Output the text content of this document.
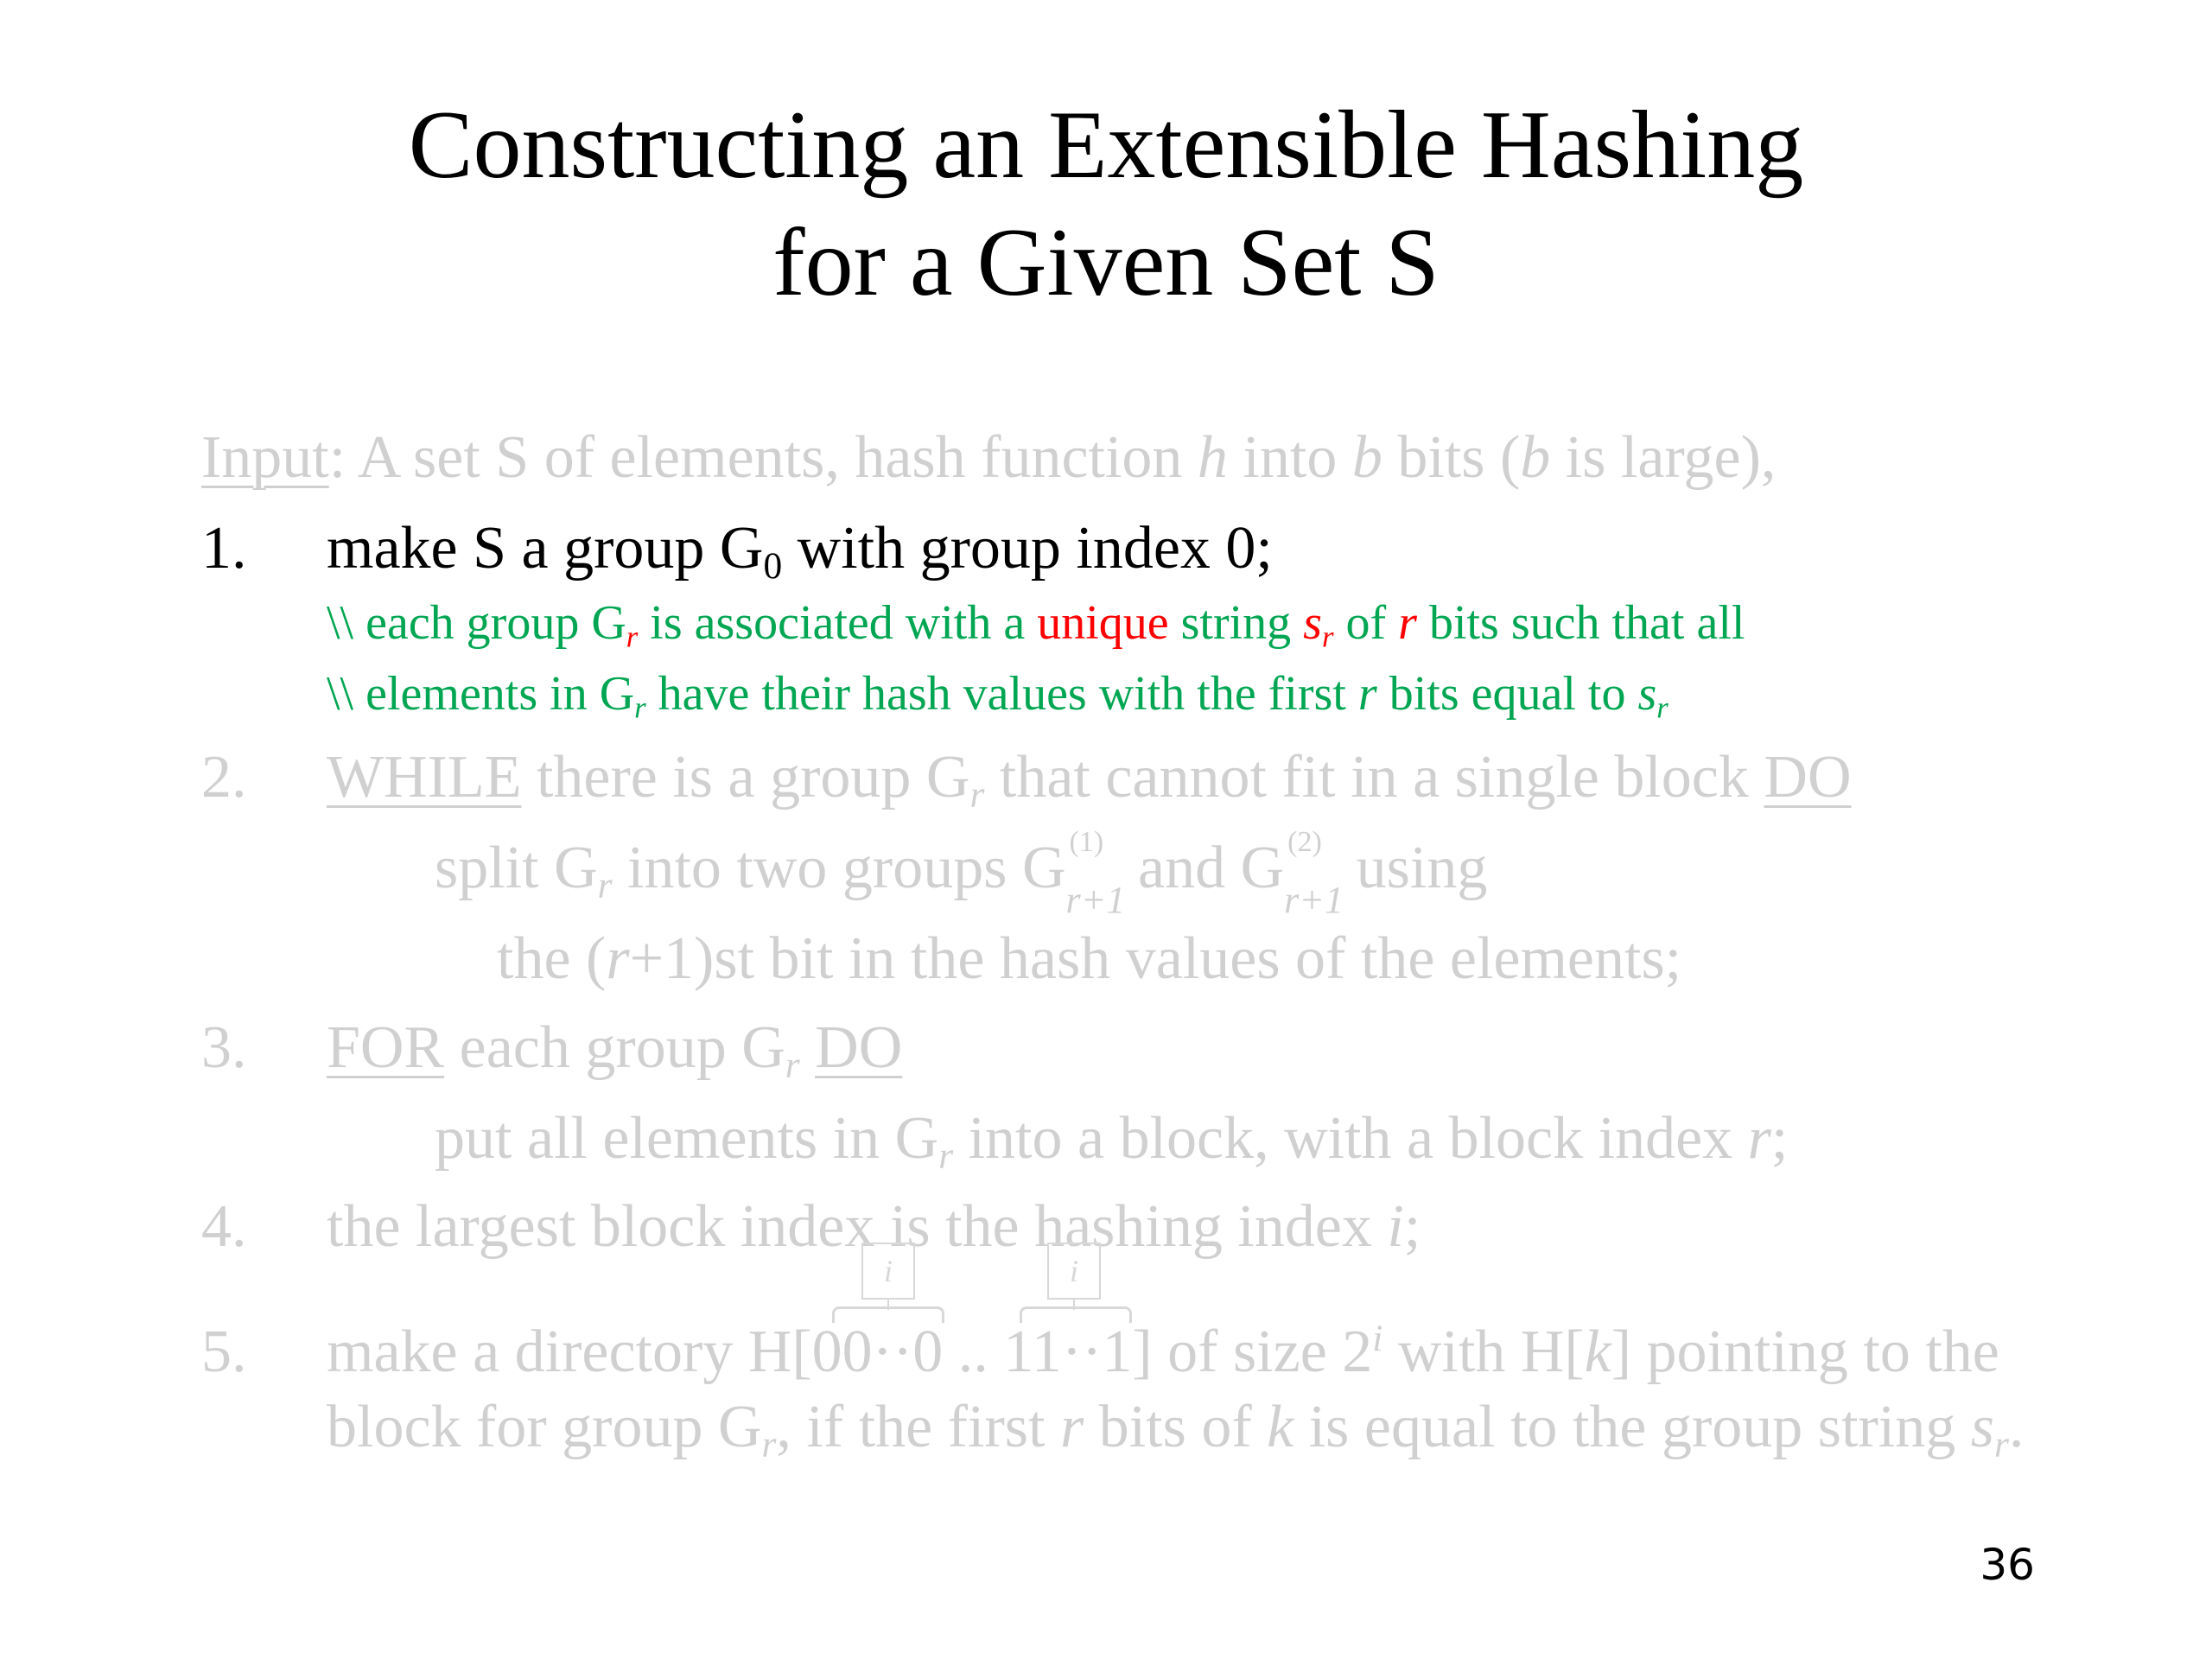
Constructing an Extensible Hashing
for a Given Set S
Input: A set S of elements, hash function h into b bits (b is large),
1. make S a group $G_0$ with group index 0;
\\ each group $G_r$ is associated with a unique string $s_r$ of r bits such that all
\\ elements in $G_r$ have their hash values with the first r bits equal to $s_r$
2. WHILE there is a group $G_r$ that cannot fit in a single block DO
split $G_r$ into two groups G (1)
r+1
and G (2)
r+1
using
the (r+1)st bit in the hash values of the elements;
3. FOR each group $G_r$ DO
put all elements in $G_r$ into a block, with a block index r;
4. the largest block index is the hashing index i;
i	i
5. make a directory H[00··0 .. 11··1] of size 2$^i$ with H[k] pointing to the
block for group $G_r$, if the first r bits of k is equal to the group string $s_r$.
36
